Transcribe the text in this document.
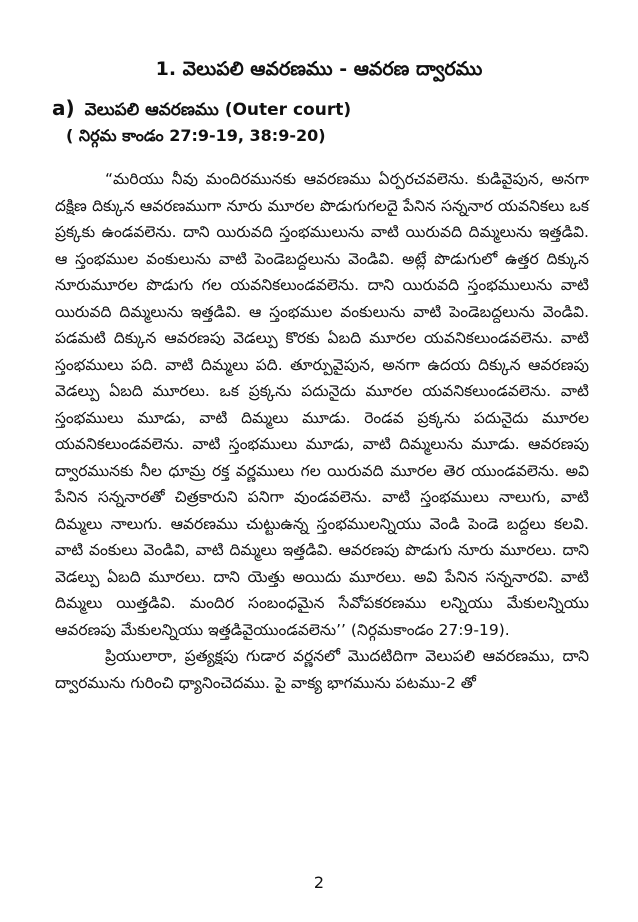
1. వెలుపలి ఆవరణము - ఆవరణ ద్వారము
a) వెలుపలి ఆవరణము (Outer court)
( నిర్గమ కాండం 27:9-19, 38:9-20)

“మరియు నీవు మందిరమునకు ఆవరణము ఏర్పరచవలెను. కుడివైపున, అనగా దక్షిణ దిక్కున ఆవరణముగా నూరు మూరల పొడుగుగలదై పేనిన సన్ననార యవనికలు ఒక ప్రక్కకు ఉండవలెను. దాని యిరువది స్తంభములును వాటి యిరువది దిమ్మలును ఇత్తడివి. ఆ స్తంభముల వంకులును వాటి పెండెబద్దలును వెండివి. అట్లే పొడుగులో ఉత్తర దిక్కున నూరుమూరల పొడుగు గల యవనికలుండవలెను. దాని యిరువది స్తంభములును వాటి యిరువది దిమ్మలును ఇత్తడివి. ఆ స్తంభముల వంకులును వాటి పెండెబద్దలును వెండివి. పడమటి దిక్కున ఆవరణపు వెడల్పు కొరకు ఏబది మూరల యవనికలుండవలెను. వాటి స్తంభములు పది. వాటి దిమ్మలు పది. తూర్పువైపున, అనగా ఉదయ దిక్కున ఆవరణపు వెడల్పు ఏబది మూరలు. ఒక ప్రక్కను పదునైదు మూరల యవనికలుండవలెను. వాటి స్తంభములు మూడు, వాటి దిమ్మలు మూడు. రెండవ ప్రక్కను పదునైదు మూరల యవనికలుండవలెను. వాటి స్తంభములు మూడు, వాటి దిమ్మలును మూడు. ఆవరణపు ద్వారమునకు నీల ధూమ్ర రక్త వర్ణములు గల యిరువది మూరల తెర యుండవలెను. అవి పేనిన సన్ననారతో చిత్రకారుని పనిగా వుండవలెను. వాటి స్తంభములు నాలుగు, వాటి దిమ్మలు నాలుగు. ఆవరణము చుట్టుఉన్న స్తంభములన్నియు వెండి పెండె బద్దలు కలవి. వాటి వంకులు వెండివి, వాటి దిమ్మలు ఇత్తడివి. ఆవరణపు పొడుగు నూరు మూరలు. దాని వెడల్పు ఏబది మూరలు. దాని యెత్తు అయిదు మూరలు. అవి పేనిన సన్ననారవి. వాటి దిమ్మలు యిత్తడివి. మందిర సంబంధమైన సేవోపకరణము లన్నియు మేకులన్నియు ఆవరణపు మేకులన్నియు ఇత్తడివైయుండవలెను’’ (నిర్గమకాండం 27:9-19).

ప్రియులారా, ప్రత్యక్షపు గుడార వర్ణనలో మొదటిదిగా వెలుపలి ఆవరణము, దాని ద్వారమును గురించి ధ్యానించెదము. పై వాక్య భాగమును పటము-2 తో

2
